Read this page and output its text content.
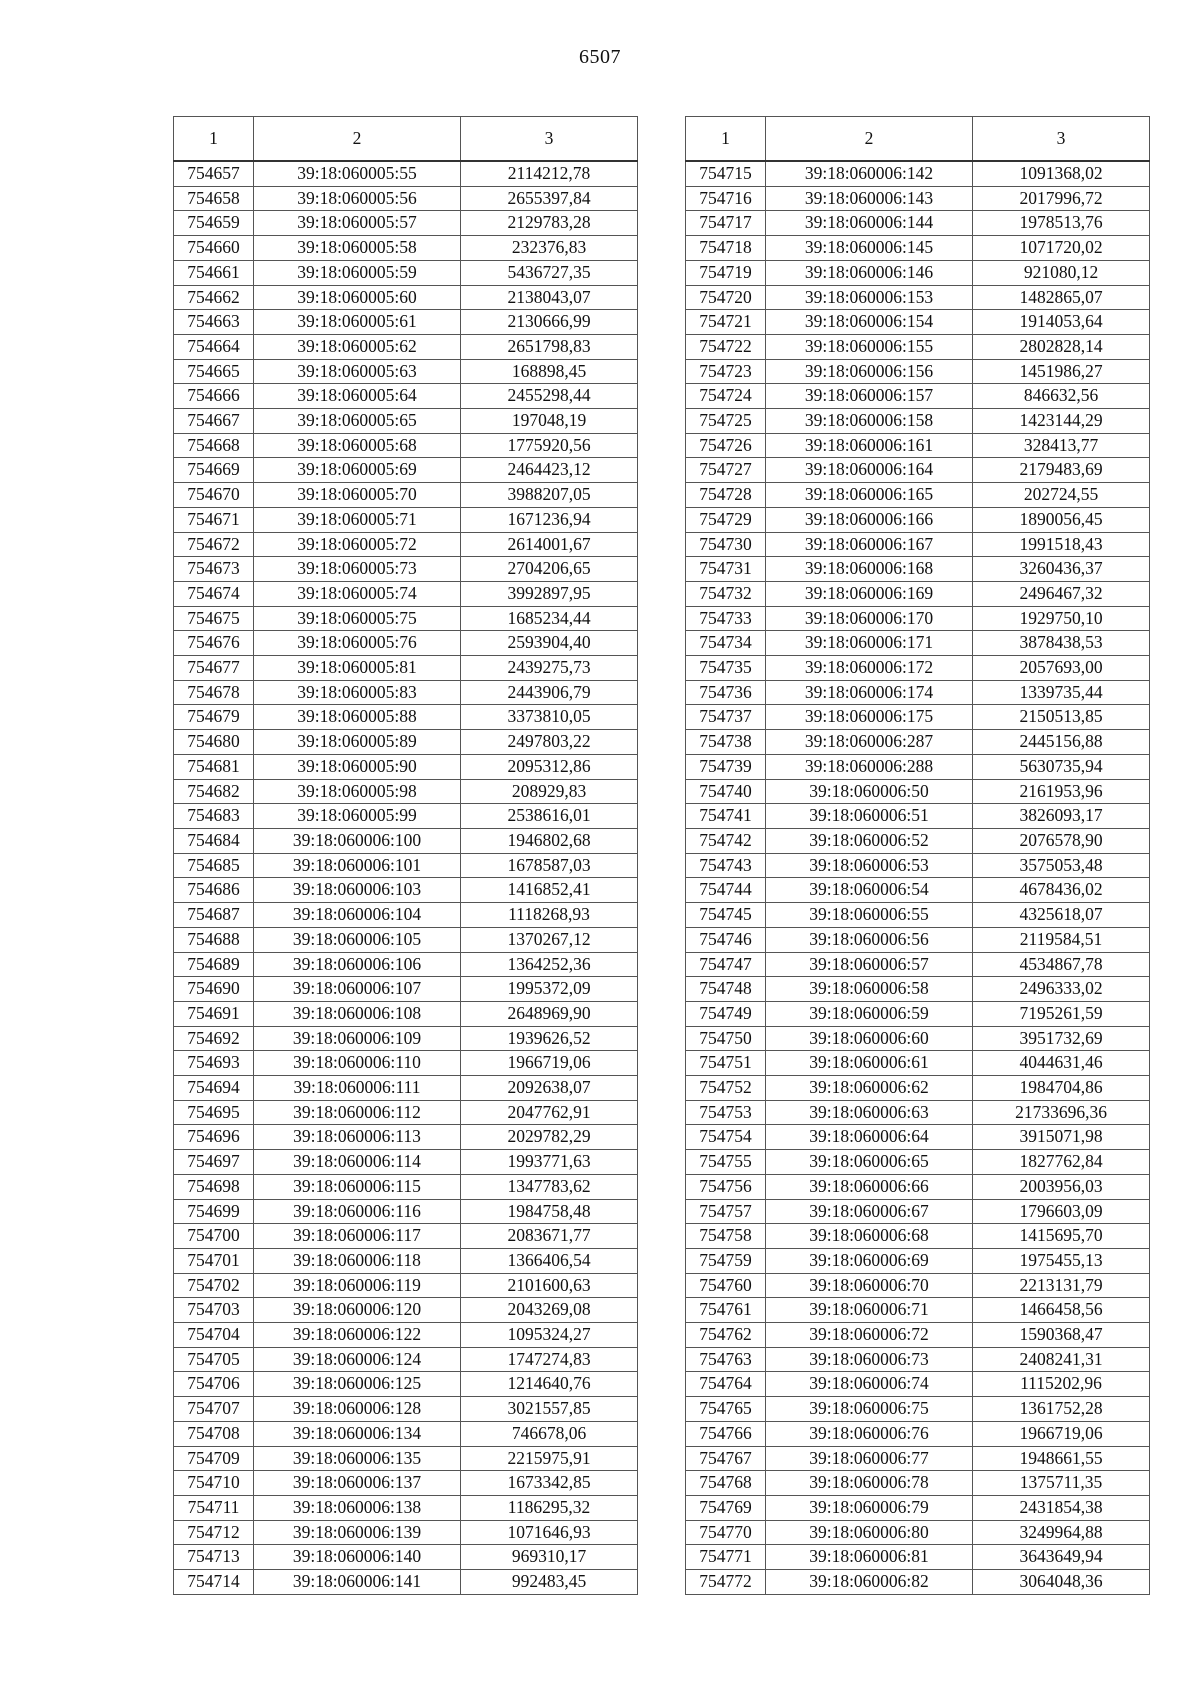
6507
1	2	3
754657	39:18:060005:55	2114212,78
754658	39:18:060005:56	2655397,84
754659	39:18:060005:57	2129783,28
754660	39:18:060005:58	232376,83
754661	39:18:060005:59	5436727,35
754662	39:18:060005:60	2138043,07
754663	39:18:060005:61	2130666,99
754664	39:18:060005:62	2651798,83
754665	39:18:060005:63	168898,45
754666	39:18:060005:64	2455298,44
754667	39:18:060005:65	197048,19
754668	39:18:060005:68	1775920,56
754669	39:18:060005:69	2464423,12
754670	39:18:060005:70	3988207,05
754671	39:18:060005:71	1671236,94
754672	39:18:060005:72	2614001,67
754673	39:18:060005:73	2704206,65
754674	39:18:060005:74	3992897,95
754675	39:18:060005:75	1685234,44
754676	39:18:060005:76	2593904,40
754677	39:18:060005:81	2439275,73
754678	39:18:060005:83	2443906,79
754679	39:18:060005:88	3373810,05
754680	39:18:060005:89	2497803,22
754681	39:18:060005:90	2095312,86
754682	39:18:060005:98	208929,83
754683	39:18:060005:99	2538616,01
754684	39:18:060006:100	1946802,68
754685	39:18:060006:101	1678587,03
754686	39:18:060006:103	1416852,41
754687	39:18:060006:104	1118268,93
754688	39:18:060006:105	1370267,12
754689	39:18:060006:106	1364252,36
754690	39:18:060006:107	1995372,09
754691	39:18:060006:108	2648969,90
754692	39:18:060006:109	1939626,52
754693	39:18:060006:110	1966719,06
754694	39:18:060006:111	2092638,07
754695	39:18:060006:112	2047762,91
754696	39:18:060006:113	2029782,29
754697	39:18:060006:114	1993771,63
754698	39:18:060006:115	1347783,62
754699	39:18:060006:116	1984758,48
754700	39:18:060006:117	2083671,77
754701	39:18:060006:118	1366406,54
754702	39:18:060006:119	2101600,63
754703	39:18:060006:120	2043269,08
754704	39:18:060006:122	1095324,27
754705	39:18:060006:124	1747274,83
754706	39:18:060006:125	1214640,76
754707	39:18:060006:128	3021557,85
754708	39:18:060006:134	746678,06
754709	39:18:060006:135	2215975,91
754710	39:18:060006:137	1673342,85
754711	39:18:060006:138	1186295,32
754712	39:18:060006:139	1071646,93
754713	39:18:060006:140	969310,17
754714	39:18:060006:141	992483,45
1	2	3
754715	39:18:060006:142	1091368,02
754716	39:18:060006:143	2017996,72
754717	39:18:060006:144	1978513,76
754718	39:18:060006:145	1071720,02
754719	39:18:060006:146	921080,12
754720	39:18:060006:153	1482865,07
754721	39:18:060006:154	1914053,64
754722	39:18:060006:155	2802828,14
754723	39:18:060006:156	1451986,27
754724	39:18:060006:157	846632,56
754725	39:18:060006:158	1423144,29
754726	39:18:060006:161	328413,77
754727	39:18:060006:164	2179483,69
754728	39:18:060006:165	202724,55
754729	39:18:060006:166	1890056,45
754730	39:18:060006:167	1991518,43
754731	39:18:060006:168	3260436,37
754732	39:18:060006:169	2496467,32
754733	39:18:060006:170	1929750,10
754734	39:18:060006:171	3878438,53
754735	39:18:060006:172	2057693,00
754736	39:18:060006:174	1339735,44
754737	39:18:060006:175	2150513,85
754738	39:18:060006:287	2445156,88
754739	39:18:060006:288	5630735,94
754740	39:18:060006:50	2161953,96
754741	39:18:060006:51	3826093,17
754742	39:18:060006:52	2076578,90
754743	39:18:060006:53	3575053,48
754744	39:18:060006:54	4678436,02
754745	39:18:060006:55	4325618,07
754746	39:18:060006:56	2119584,51
754747	39:18:060006:57	4534867,78
754748	39:18:060006:58	2496333,02
754749	39:18:060006:59	7195261,59
754750	39:18:060006:60	3951732,69
754751	39:18:060006:61	4044631,46
754752	39:18:060006:62	1984704,86
754753	39:18:060006:63	21733696,36
754754	39:18:060006:64	3915071,98
754755	39:18:060006:65	1827762,84
754756	39:18:060006:66	2003956,03
754757	39:18:060006:67	1796603,09
754758	39:18:060006:68	1415695,70
754759	39:18:060006:69	1975455,13
754760	39:18:060006:70	2213131,79
754761	39:18:060006:71	1466458,56
754762	39:18:060006:72	1590368,47
754763	39:18:060006:73	2408241,31
754764	39:18:060006:74	1115202,96
754765	39:18:060006:75	1361752,28
754766	39:18:060006:76	1966719,06
754767	39:18:060006:77	1948661,55
754768	39:18:060006:78	1375711,35
754769	39:18:060006:79	2431854,38
754770	39:18:060006:80	3249964,88
754771	39:18:060006:81	3643649,94
754772	39:18:060006:82	3064048,36
